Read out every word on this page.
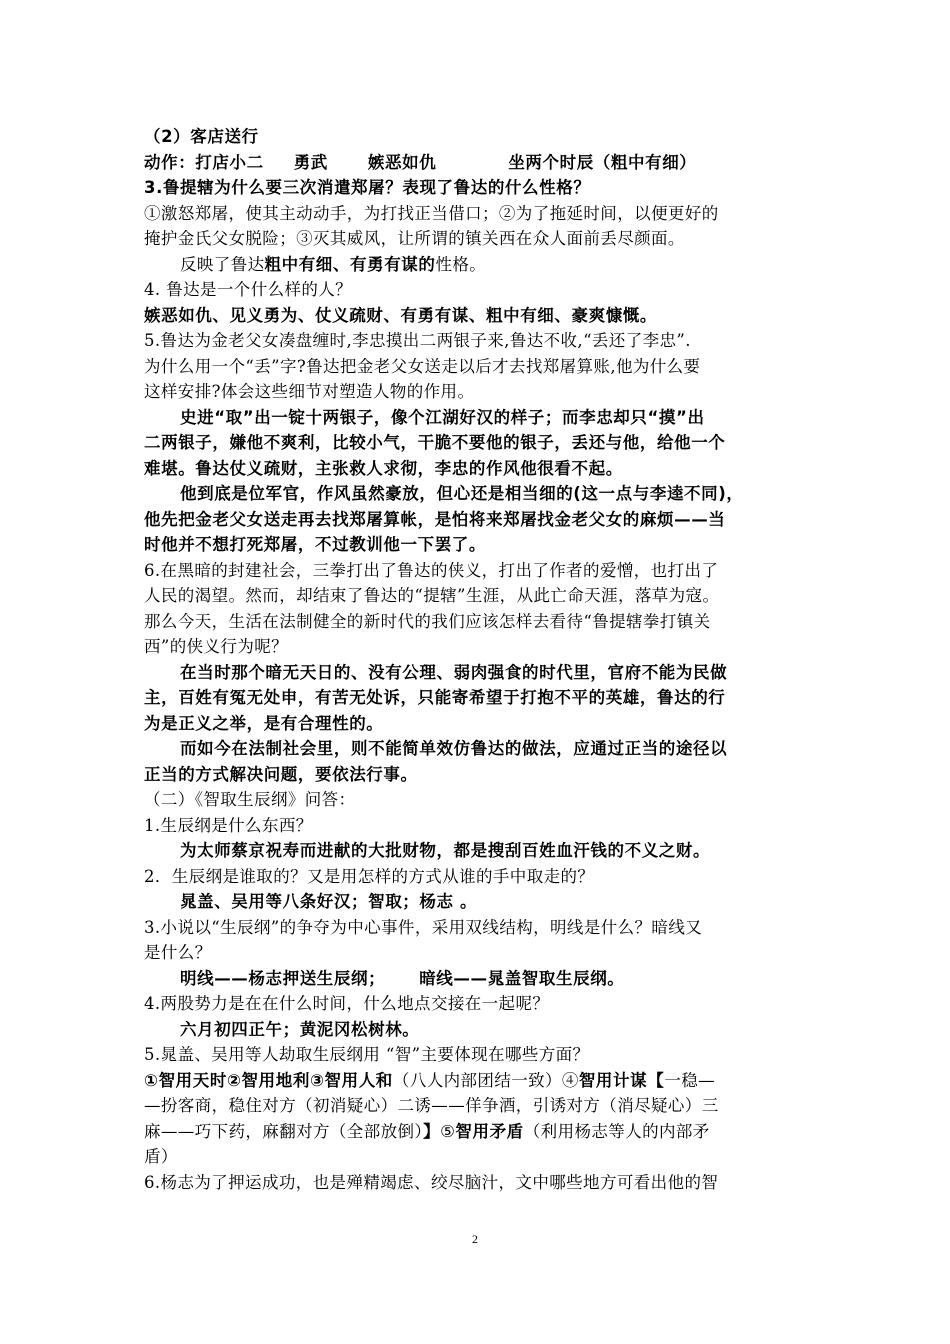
（2）客店送行
动作：打店小二 勇武 嫉恶如仇	坐两个时辰（粗中有细）
3.鲁提辖为什么要三次消遣郑屠？表现了鲁达的什么性格？
①激怒郑屠，使其主动动手，为打找正当借口；②为了拖延时间，以便更好的
掩护金氏父女脱险；③灭其威风，让所谓的镇关西在众人面前丢尽颜面。
反映了鲁达粗中有细、有勇有谋的性格。
4. 鲁达是一个什么样的人？
嫉恶如仇、见义勇为、仗义疏财、有勇有谋、粗中有细、豪爽慷慨。
5.鲁达为金老父女凑盘缠时,李忠摸出二两银子来,鲁达不收,“丢还了李忠”.
为什么用一个“丢”字?鲁达把金老父女送走以后才去找郑屠算账,他为什么要
这样安排?体会这些细节对塑造人物的作用。
史进“取”出一锭十两银子，像个江湖好汉的样子；而李忠却只“摸”出
二两银子，嫌他不爽利，比较小气，干脆不要他的银子，丢还与他，给他一个
难堪。鲁达仗义疏财，主张救人求彻，李忠的作风他很看不起。
他到底是位军官，作风虽然豪放，但心还是相当细的(这一点与李逵不同)，
他先把金老父女送走再去找郑屠算帐，是怕将来郑屠找金老父女的麻烦——当
时他并不想打死郑屠，不过教训他一下罢了。
6.在黑暗的封建社会，三拳打出了鲁达的侠义，打出了作者的爱憎，也打出了
人民的渴望。然而，却结束了鲁达的“提辖”生涯，从此亡命天涯，落草为寇。
那么今天，生活在法制健全的新时代的我们应该怎样去看待“鲁提辖拳打镇关
西”的侠义行为呢？
在当时那个暗无天日的、没有公理、弱肉强食的时代里，官府不能为民做
主，百姓有冤无处申，有苦无处诉，只能寄希望于打抱不平的英雄，鲁达的行
为是正义之举，是有合理性的。
而如今在法制社会里，则不能简单效仿鲁达的做法，应通过正当的途径以
正当的方式解决问题，要依法行事。
（二）《智取生辰纲》问答：
1.生辰纲是什么东西？
为太师蔡京祝寿而进献的大批财物，都是搜刮百姓血汗钱的不义之财。
2．生辰纲是谁取的？又是用怎样的方式从谁的手中取走的？
晁盖、吴用等八条好汉；智取；杨志 。
3.小说以“生辰纲”的争夺为中心事件，采用双线结构，明线是什么？暗线又
是什么？
明线——杨志押送生辰纲； 暗线——晁盖智取生辰纲。
4.两股势力是在在什么时间，什么地点交接在一起呢？
六月初四正午；黄泥冈松树林。
5.晁盖、吴用等人劫取生辰纲用 “智”主要体现在哪些方面？
①智用天时②智用地利③智用人和（八人内部团结一致）④智用计谋【一稳—
—扮客商，稳住对方（初消疑心）二诱——佯争酒，引诱对方（消尽疑心）三
麻——巧下药，麻翻对方（全部放倒）】⑤智用矛盾（利用杨志等人的内部矛
盾）
6.杨志为了押运成功，也是殚精竭虑、绞尽脑汁，文中哪些地方可看出他的智
2
